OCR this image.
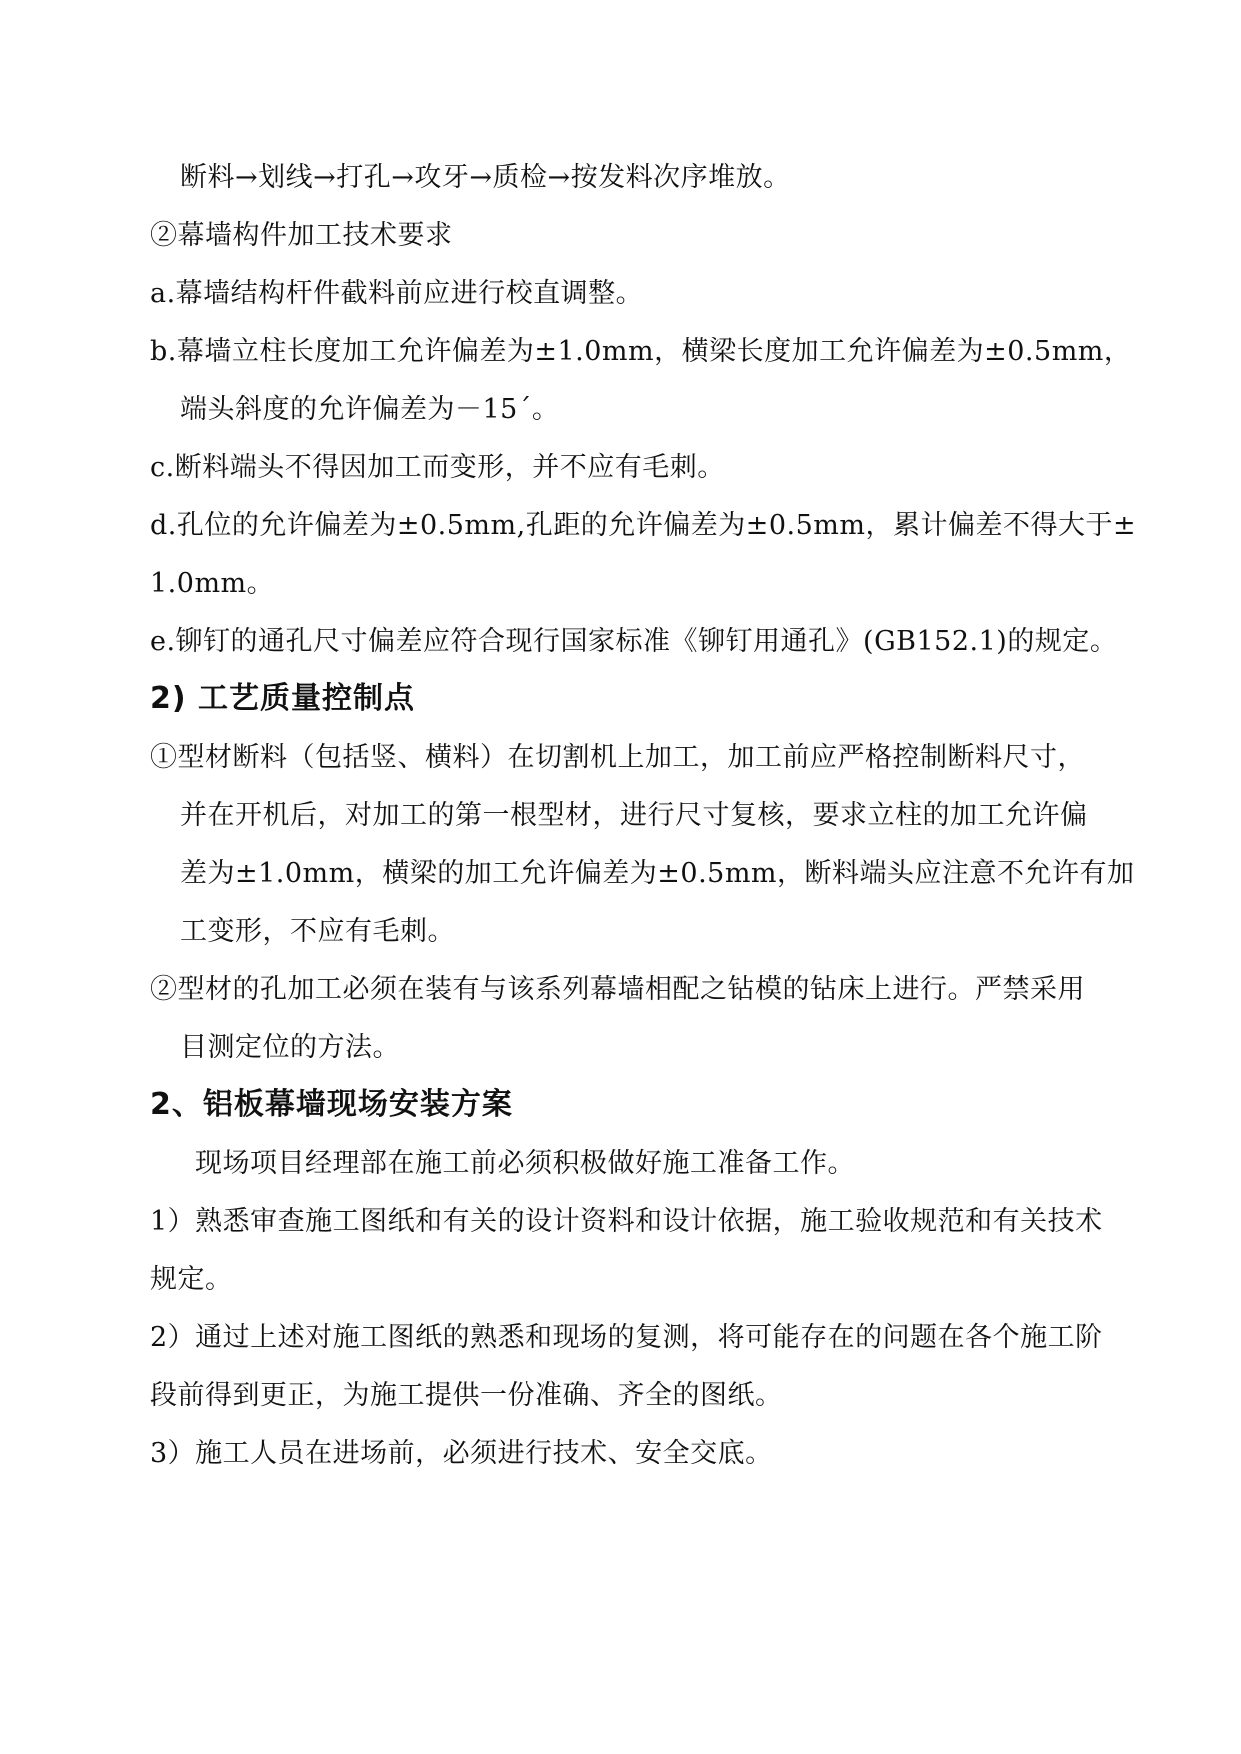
断料→划线→打孔→攻牙→质检→按发料次序堆放。
②幕墙构件加工技术要求
a.幕墙结构杆件截料前应进行校直调整。
b.幕墙立柱长度加工允许偏差为±1.0mm，横梁长度加工允许偏差为±0.5mm，
端头斜度的允许偏差为－15´。
c.断料端头不得因加工而变形，并不应有毛刺。
d.孔位的允许偏差为±0.5mm,孔距的允许偏差为±0.5mm，累计偏差不得大于±
1.0mm。
e.铆钉的通孔尺寸偏差应符合现行国家标准《铆钉用通孔》(GB152.1)的规定。
2) 工艺质量控制点
①型材断料（包括竖、横料）在切割机上加工，加工前应严格控制断料尺寸，
并在开机后，对加工的第一根型材，进行尺寸复核，要求立柱的加工允许偏
差为±1.0mm，横梁的加工允许偏差为±0.5mm，断料端头应注意不允许有加
工变形，不应有毛刺。
②型材的孔加工必须在装有与该系列幕墙相配之钻模的钻床上进行。严禁采用
目测定位的方法。
2、铝板幕墙现场安装方案
现场项目经理部在施工前必须积极做好施工准备工作。
1）熟悉审查施工图纸和有关的设计资料和设计依据，施工验收规范和有关技术
规定。
2）通过上述对施工图纸的熟悉和现场的复测，将可能存在的问题在各个施工阶
段前得到更正，为施工提供一份准确、齐全的图纸。
3）施工人员在进场前，必须进行技术、安全交底。
